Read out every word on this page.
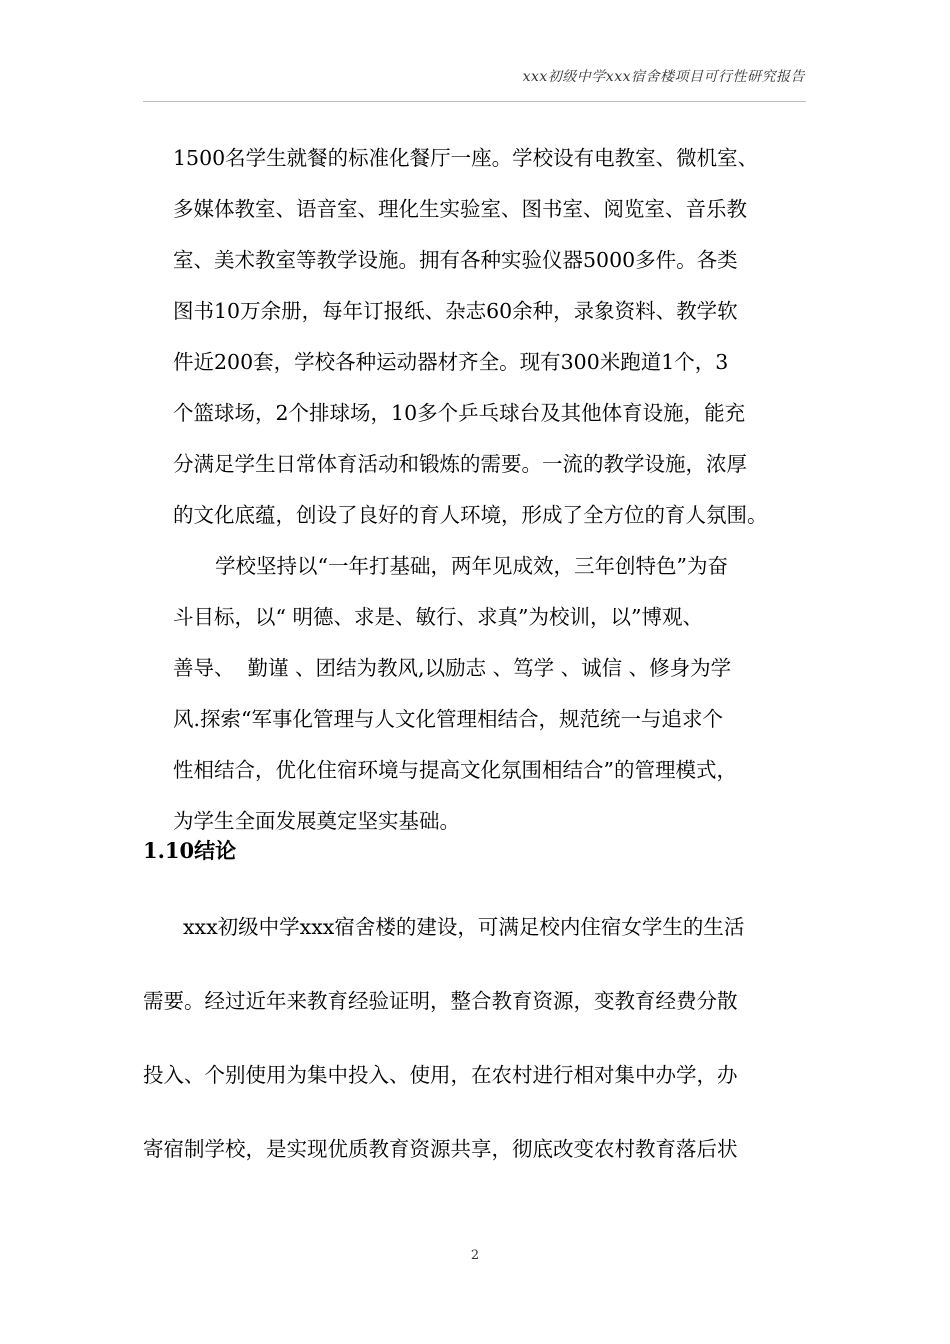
xxx初级中学xxx宿舍楼项目可行性研究报告
1500名学生就餐的标准化餐厅一座。学校设有电教室、微机室、
多媒体教室、语音室、理化生实验室、图书室、阅览室、音乐教
室、美术教室等教学设施。拥有各种实验仪器5000多件。各类
图书10万余册，每年订报纸、杂志60余种，录象资料、教学软
件近200套，学校各种运动器材齐全。现有300米跑道1个，3
个篮球场，2个排球场，10多个乒乓球台及其他体育设施，能充
分满足学生日常体育活动和锻炼的需要。一流的教学设施，浓厚
的文化底蕴，创设了良好的育人环境，形成了全方位的育人氛围。
学校坚持以“一年打基础，两年见成效，三年创特色”为奋
斗目标，以“ 明德、求是、敏行、求真”为校训，以”博观、
善导、  勤谨 、团结为教风,以励志 、笃学 、诚信 、修身为学
风.探索“军事化管理与人文化管理相结合，规范统一与追求个
性相结合，优化住宿环境与提高文化氛围相结合”的管理模式，
为学生全面发展奠定坚实基础。
1.10结论
xxx初级中学xxx宿舍楼的建设，可满足校内住宿女学生的生活
需要。经过近年来教育经验证明，整合教育资源，变教育经费分散
投入、个别使用为集中投入、使用，在农村进行相对集中办学，办
寄宿制学校，是实现优质教育资源共享，彻底改变农村教育落后状
2
